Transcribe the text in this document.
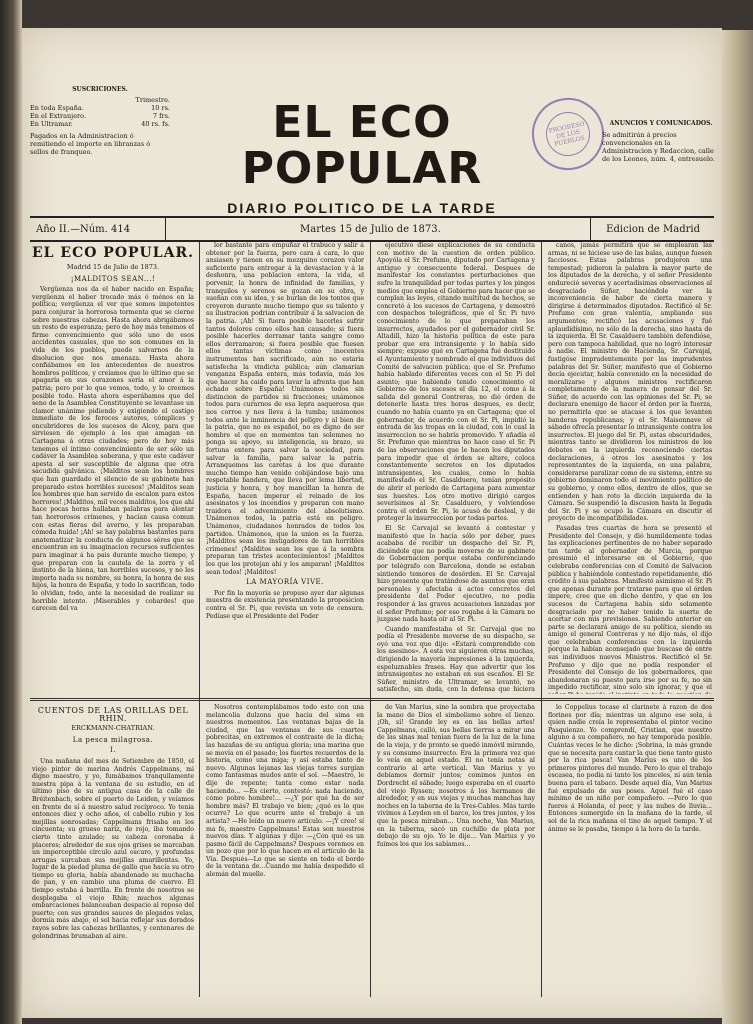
SUSCRICIONES.
Trimestre.
En toda España.	10 rs.
En el Extranjero.	7 frs.
En Ultramar.	40 rs. fs.
Pagados en la Administracion ó remitiendo el importe en libranzas ó sellos de franqueo.
EL ECO POPULAR
DIARIO POLITICO DE LA TARDE
PROGRESO DE LOS PUEBLOS
ANUNCIOS Y COMUNICADOS.
Se admitirán á precios convencionales en la Administracion y Redaccion, calle de los Leones, núm. 4, entresuelo.
Año II.—Núm. 414	Martes 15 de Julio de 1873.	Edicion de Madrid
EL ECO POPULAR.
Madrid 15 de Julio de 1873.
¡MALDITOS SEAN...!

Vergüenza nos da el haber nacido en España; vergüenza el haber trocado más ó ménos en la política; vergüenza el ver que somos impotentes para conjurar la horrorosa tormenta que se cierne sobre nuestras cabezas. Hasta ahora abrigábamos un resto de esperanza; pero de hoy más tenemos el firme convencimiento que sólo uno de esos accidentes casuales, que no son comunes en la vida de los pueblos, puede salvarnos de la disolucion que nos amenaza. Hasta ahora confiábamos en los antecedentes de nuestros hombres políticos, y creíamos que lo último que se apagaría en sus corazones sería el amor á la patria; pero por lo que vemos, todo, y lo creemos posible todo. Hasta ahora esperábamos que del seno de la Asamblea Constituyente se levantase un clamor unánime pidiendo y exigiendo el castigo inmediato de los feroces autores, cómplices y encubridores de los sucesos de Alcoy, para que sirviesen de ejemplo á los que amagan en Cartagena á otras ciudades; pero de hoy más tenemos el íntimo convencimiento de ser sólo un cadáver la Asamblea soberana, y que este cadáver apesta al ser susceptible de alguna que otra sacudida galvánica. ¡Malditos sean los hombres que han guardado el silencio de su gabinete han preparado estos horribles sucesos! ¡Malditos sean los hombres que han servido de escalon para estos horrores! ¡Malditos, mil veces malditos, los que ahí hace pocas horas hallaban palabras para alentar tan horrorosos crímenes, y hacían causa comun con estas fieras del averno, y les preparaban cómoda huida! ¡Ah! se hay palabras bastantes para anatematizar la conducta de algunos séres que se encuentran en su imaginacion recursos suficientes para imaginar á ha pais durante mucho tiempo, y que preparan con la cautela de la zorra y el instinto de la hiena, tan horribles sucesos, y no les importa nada su nombre, su honra, la honra de sus hijos, la honra de España, y todo lo sacrifican, todo lo olvidan, todo, ante la necesidad de realizar su horrible intento. ¡Miserables y cobardes! que carecen del va

lor bastante para empuñar el trabuco y salir á obtener por la fuerza, pero cara á cara, lo que ansiasen y tienen en su mezquino corazon valor suficiente para entregar á la devastacion y á la deshonra, una poblacion entera, la vida, el porvenir, la honra de infinidad de familias, y tranquilos y serenos se gozan en su obra, y sueñan con su idea, y se burlan de los tontos que creyeron durante mucho tiempo que su talento y su ilustracion podrian contribuir á la salvacion de la patria. ¡Ah! Si fuera posible hacerles sufrir tantos dolores como ellos han causado; si fuera posible hacerles derramar tanta sangre como ellos derramaron; si fuera posible que fuesen ellos tantas víctimas como inocentes instrumentos han sacrificado, aún no estaria satisfecha la vindicta pública; aún clamarian venganza España entera, más todavía, más los que hacer ha caido para lavar la afrenta que han echado sobre España! Unámonos todos sin distincion de partidos ni fracciones; unámonos todos para curarnos de esa lepra asquerosa que nos corroe y nos lleva á la tumba; unámonos todos ante la inminencia del peligro y al bien de la patria, que no es español, no es digno de ser hombre el que en momentos tan solemnes no ponga su apoyo, su inteligencia, su brazo, su fortuna entera para salvar la sociedad, para salvar la familia, para salvar la patria. Arranquemos las caretas á los que durante mucho tiempo han venido cobijándose bajo una respetable bandera, que lleva por lema libertad, justicia y honra, y hoy mancillan la honra de España, hacen imperar el reinado de los asesinatos y los incendios y preparan con mano traidora el advenimiento del absolutismo. Unámonos todos, la patria está en peligro. Unámonos, ciudadanos honrados de todos los partidos. Unámonos, que la union es la fuerza. ¡Malditos sean los instigadores de tan horribles crímenes! ¡Malditos sean los que á la sombra preparan tan tristes acontecimientos! ¡Malditos los que los protejan ahí y los amparan! ¡Malditos sean todos! ¡Malditos!

LA MAYORÍA VIVE.

Por fin la mayoría se propuso ayer dar algunas muestra de existencia presentando la proposicion contra el Sr. Pi, que revista un voto de censura. Pedíase que el Presidente del Poder

ejecutivo diese explicaciones de su conducta con motivo de la cuestion de orden público. Apoyóla el Sr. Prefumo, diputado por Cartagena y antiguo y consecuente federal. Despues de manifestar los constantes perturbaciones que sufre la tranquilidad por todas partes y los pingos medios que emplea el Gobierno para hacer que se cumplan las leyes, citando multitud de hechos, se concretó á los sucesos de Cartagena, y demostró con despachos telegráficos, que el Sr. Pi tuvo conocimiento de lo que preparaban los insurrectos, ayudados por el gobernador civil Sr. Altadill, hizo la historia política de este para probar que era intransigente y lo había sido siempre; expuso qué en Cartagena fué destituido el Ayuntamiento y nombrado el que individuos del Comité de salvacion pública; que el Sr. Prefumo había hablado diferentes veces con el Sr. Pi del asunto; que habiendo tenido conocimiento el Gobierno de los sucesos el día 12, el como á la salida del general Contreras, no dió órden de detenerle hasta tres horas despues, es decir, cuando no había cuanto ya en Cartagena; que el gobernador, de acuerdo con el Sr. Pi, impidió la entrada de las tropas en la ciudad, con lo cual la insurreccion no se habría promovido. Y añadía el Sr. Prefumo que mientras no hace caso el Sr. Pi de las observaciones que le hacen los diputados para impedir que el órden se altere, coloca constantemente secretos en los diputados intransigentes, los cuales, como lo había manifestado el Sr. Casalduero, tenían propósito de abrir el período de Cartagena para aumentar sus huestes. Los otro motivo dirigió cargos severísimos al Sr. Casalduero, y volvíendose contra el orden Sr. Pi, le acusó de desleal, y de proteger la insurreccion por todas partes.

El Sr. Carvajal se levantó á contestar y manifestó que lo hacía sólo por deber, pues acababa de recibir un despacho del Sr. Pi, diciéndole que no podía moverse de su gabinete de Gobernacion porque estaba conferenciando por telégrafo con Barcelona, donde se estaban sintiendo temores de desórden. El Sr. Carvajal hizo presente que tratándose de asuntos que eran personales y afectaba á actos concretos del presidente del Poder ejecutivo, no podía responder á las graves acusaciones lanzadas por el señor Prefumo; por eso rogaba á la Cámara no juzgase nada hasta oír al Sr. Pi.

Cuando manifestaba el Sr. Carvajal que no podía el Presidente moverse de su despacho, se oyó una voz que dijo: «Estará comprendido con los asesinos». A esta voz siguieron otras muchas, dirigiendo la mayoría impresiones á la izquierda, espeluznables frases. Hay que advertir que los intransigentes no estaban en sus escaños. El Sr. Súñer, ministro de Ultramar, se levantó, no satisfecho, sin duda, con la defensa que hiciera

canos, jamás permitirá que se emplearan las armas, ni se hiciese uso de las balas, aunque fuesen facciosos. Estas palabras produjeron una tempestad; pidieron la palabra la mayor parte de los diputados de la derecha, y el señor Presidente endureció severas y acertadísimas observaciones al desgraciado Súñer, haciéndole ver la inconveniencia de haber de cierta manera y dirigirse á determinados diputados. Rectificó el Sr. Prefumo con gran valentía, ampliando sus argumentos; rectificó las acusaciones y fué aplaudidísimo, no sólo de la derecha, sino hasta de la izquierda. El Sr. Casalduero también defendióse, pero con tampoca habilidad, que no logró interesar á nadie. El ministro de Hacienda, Sr. Carvajal, fustigóse imprudentemente por las imprudentes palabras del Sr. Súñer, manifestó que el Gobierno decía ejecutar, había convenido en la necesidad de moralizarse y algunos ministros rectificaron completamente de la manera de pensar del Sr. Súñer, de acuerdo con las opiniones del Sr. Pi, se declarara enemigo de hacer el órden por la fuerza, no permitirla que se atacase á los que levanten banderas republicanas; y el Sr. Maisonnave el sábado ofrecía presentar lo intransigente contra los insurrectos. El juego del Sr. Pi, estas obscuridades, mientras tanto se dividieron los ministros de los debates en la izquierda reconociendo ciertas declaraciones, á otros los asesinatos y los representantes de la izquierda, en una palabra, considerarse paralizar como de su sistema, entre su gobierno dominaron todo el movimiento político de su gobierno, y como ellos, dentro de ellos, que se entienden y han roto la dicción izquierda de la Cámara. Se suspendió la discusion hasta la llegada del Sr. Pi y se ocupó la Cámara en discutir el proyecto de incompatibilidades.

Pasadas tres cuartas de hora se presentó el Presidente del Consejo, y dió humildemente todas las explicaciones pertinentes de no haber separado tan tarde al gobernador de Murcia, porque presumió el interesarse en el Gobierno, que celebraba conferencias con el Comité de Salvacion pública y habiéndole contestado repetidamente, dió crédito á sus palabras. Manifestó asimismo el Sr. Pi que apenas durante por tratarse para que el órden impere, cree que en dicho dentro, y que en los sucesos de Cartagena había sido solamente desgraciado por no haber tenido la suerte de acertar con mis previsiones. Sabiendo anterior en parte se declarará amigo de su política, siendo su amigo el general Contreras y no dijo más, el dijo que celebraban conferencias con la izquierda porque la habían aconsejado que buscase de entre sus individuos nuevos Ministros. Rectificó el Sr. Prefumo y dijo que no podía responder el Presidente del Consejo de los gobernadores, que abandonaran su puesto para irse por su fe, no sin impedido rectificar, sino solo sin ignorar, y que el

CUENTOS DE LAS ORILLAS DEL RHIN.
ERCKMANN-CHATRIAN.
La pesca milagrosa.
I.

Una mañana del mes de Setiembre de 1850, el viejo pintor de marina Andrés Cappelmans, mi digno maestro, y yo, fumábamos tranquilamente nuestra pipa á la ventana de su estudio, en el último piso de su antigua casa de la calle de Bréitenbach, sobre el puerto de Leiden, y veíamos en frente de sí á nuestro salud recíproco. Yo tenia entonces diez y ocho años, el cabello rubio y los mejillas sonrosadas; Cappelmans frisaba en los cincuenta; su grueso nariz, de rojo, iba tomando cierto tinte azulado; su cabeza coronaba á placeres; alrededor de sus ojos grises se marcaban un imperceptible círculo azul oscuro, y profundas arrugas surcaban sus mejillas amarillentas. Yo, lugar de la piedad pluma de gallo que hacía su otro tiempo su gloria, había abandonado su muchacha de pan, y en cambio una pluma de cuervo. El tiempo estaba á barrilla. En frente de nosotros se desplegaba el viejo Rhin; muchos algunas embarcaciones balanceaban despacio al reposo del puerto; con sus grandes sauces de plegados velas, dormía más abajo, el sol hacia reflejar sus dorados rayos sobre las cabezas brillantes, y centenares de golondrinas brumaban al aire.

Nosotros contemplábamos todo esto con una melancolía dulzona que hacia del sima en nuestros momentos. Las ventanas bajas de la ciudad, que las ventanas de sus cuartos pobrecitas, en extremos el contraste de la dicha; las hazañas de su antigua gloria; una marina que se movía en el pasado; los fuertes recuerdos de la historia, como una miga; y así estaba tanto de nuevo. Algunas lejanas las viejas torres surgían como fantasmas mudos ante el sol. —Maestro, le dije de repente; tanta como estar nada haciendo... —Es cierto, contestó: nada haciendo, cómo pobre hombre!... —¿Y por qué ha de ser hombre más? El trabajo ve bien; ¿qué es lo que ocurre? Lo que ocurre ante el trabajo á un artista? —He leído un nuevo artículo. —¡Y creo! sí ma fe, maestro Cappelmans! Estas son nuestros nuevos días. Y algunas y dijo: —¿Con qué es un pasmo fácil de Cappelmans? Despues veremos en un pozo que por lo que hacen en el artículo de la Vía. Después—Lo que se siente en todo el borde de la ventana de...Cuando me había despedido el alemán del muelle.

de Van Marius, sino la sombra que proyectaba la mano de Dios el simbolismo sobre el lienzo. ¡Oh, sí! Grande ley es en las bellas artes! Cappelmans, calló, sus bellas tierras a mirar una de las sinas mal tenían fuera de la luz de la luna de la vieja, y de pronto se quedó inmóvil mirando, y su consumo insurrecto. Era la primera vez que lo veía en aquel estado. El no tenía notas al contrario al arte vertical. Van Marius y yo debíamos dormir juntos; comimos juntos en Dordrecht el sábado; luego esperaba en el cuarto del viejo Ryssen; nosotros á los hermanos de alrededor, y en sus viejas y muchas manchas hay noches en la taberna de la Tres-Cables. Más tarde vivimos á Leyden en el barco, los tres juntos, y los que la pesca miraban... Una noche, Van Marius, en la taberna, sacó un cuchillo de plata por debajo de su ojo. Yo le dije... Van Marius y yo fuimos los que los sabíamos...

lo Coppelius tocase el clarinete á razon de dos florines por día; mientras un alguno ese sola, á quien nadie creía le representaba el pintor vecino Pasquienzo. Yo comprendí, Cristian, que nuestro alguno á su compañero, no hay temporada posible. Cuántas veces le he dicho: ¡Sobrina, la más grande que se necesita para cantar la que tiene tanto gusto por la rica pesca! Van Marius es uno de los primeros pintores del mundo. Pero lo que el trabajo escasea, no podía ni tanto los pinceles, ni aún tenía buena para el tabaco. Desde aquel día, Van Marius fué expulsado de sus poses. Aquel fué el caso mínimo de un niño por compañero. —Pero lo que fueres á Holanda, el peor, y las nubes de lluvia... Entonces sumergido en la mañana de la tarde, el sol de la rica mañana el tino de aquel tiempo. Y el ánimo se le pasaba, tiempo á la hora de la tarde.
